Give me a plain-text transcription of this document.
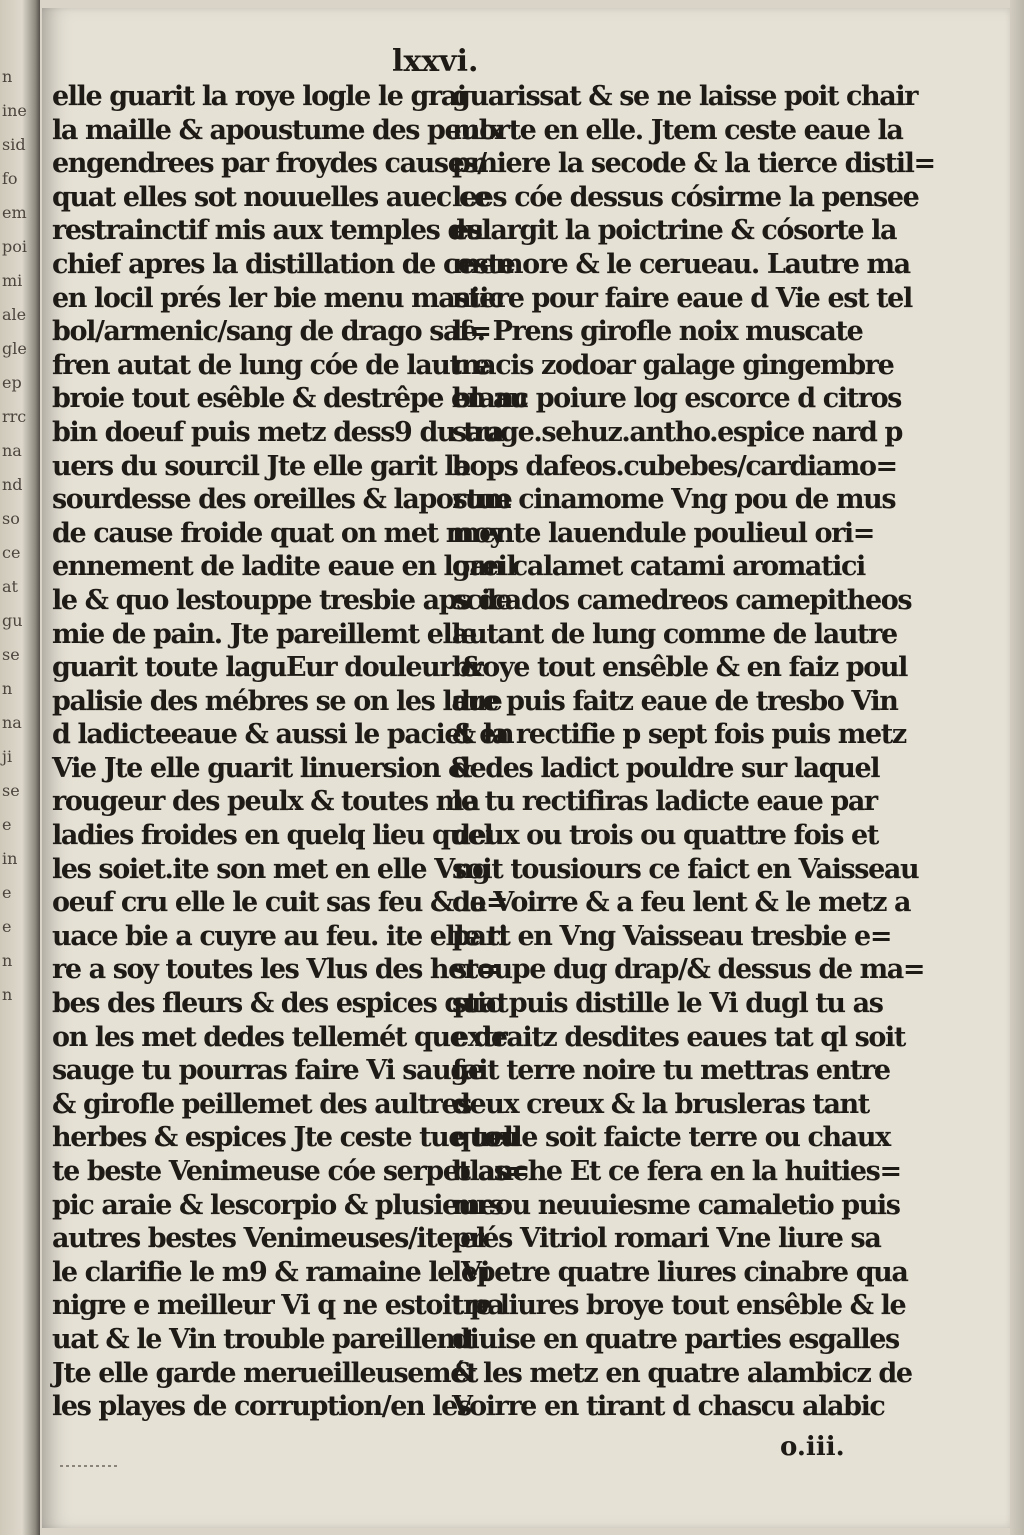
n
ine
sid
fo
em
poi
mi
ale
gle
ep
rrc
na
nd
so
ce
at
gu
se
n
na
ji
se
e
in
e
e
n
n
lxxvi.
elle guarit la roye logle le grai
la maille & apoustume des peulx
engendrees par froydes causes/
quat elles sot nouuelles auec ce
restrainctif mis aux temples du
chief apres la distillation de ceste
en locil prés ler bie menu mastic
bol/armenic/sang de drago saf=
fren autat de lung cóe de lautre
broie tout esêble & destrêpe en au
bin doeuf puis metz dess9 du tra
uers du sourcil Jte elle garit la
sourdesse des oreilles & lapostue
de cause froide quat on met moy
ennement de ladite eaue en loreil
le & quo lestouppe tresbie aps de
mie de pain. Jte pareillemt elle
guarit toute laguEur douleur &
palisie des mébres se on les laue
d ladicteeaue & aussi le paciet en
Vie Jte elle guarit linuersion &
rougeur des peulx & toutes ma
ladies froides en quelq lieu quel
les soiet.ite son met en elle Vng
oeuf cru elle le cuit sas feu & la=
uace bie a cuyre au feu. ite elle ti
re a soy toutes les Vlus des her=
bes des fleurs & des espices quat
on les met dedes tellemét que de
sauge tu pourras faire Vi sauge
& girofle peillemet des aultres
herbes & espices Jte ceste tue tou
te beste Venimeuse cóe serpet as=
pic araie & lescorpio & plusieurs
autres bestes Venimeuses/ite el
le clarifie le m9 & ramaine le Vi
nigre e meilleur Vi q ne estoit pa
uat & le Vin trouble pareillemt
Jte elle garde merueilleusemét
les playes de corruption/en les
guarissat & se ne laisse poit chair
morte en elle. Jtem ceste eaue la
pmiere la secode & la tierce distil=
lees cóe dessus cósirme la pensee
eslargit la poictrine & cósorte la
memore & le cerueau. Lautre ma
niere pour faire eaue d Vie est tel
le. Prens girofle noix muscate
macis zodoar galage gingembre
blanc poiure log escorce d citros
sauge.sehuz.antho.espice nard p
bops dafeos.cubebes/cardiamo=
rum cinamome Vng pou de mus
mente lauendule poulieul ori=
gan calamet catami aromatici
scicados camedreos camepitheos
autant de lung comme de lautre
broye tout ensêble & en faiz poul
dre puis faitz eaue de tresbo Vin
& la rectifie p sept fois puis metz
dedes ladict pouldre sur laquel
le tu rectifiras ladicte eaue par
deux ou trois ou quattre fois et
soit tousiours ce faict en Vaisseau
de Voirre & a feu lent & le metz a
part en Vng Vaisseau tresbie e=
stoupe dug drap/& dessus de ma=
stic puis distille le Vi dugl tu as
extraitz desdites eaues tat ql soit
fait terre noire tu mettras entre
deux creux & la brusleras tant
quelle soit faicte terre ou chaux
blanche Et ce fera en la huities=
meou neuuiesme camaletio puis
prés Vitriol romari Vne liure sa
lepetre quatre liures cinabre qua
tre liures broye tout ensêble & le
diuise en quatre parties esgalles
& les metz en quatre alambicz de
Voirre en tirant d chascu alabic
o.iii.
